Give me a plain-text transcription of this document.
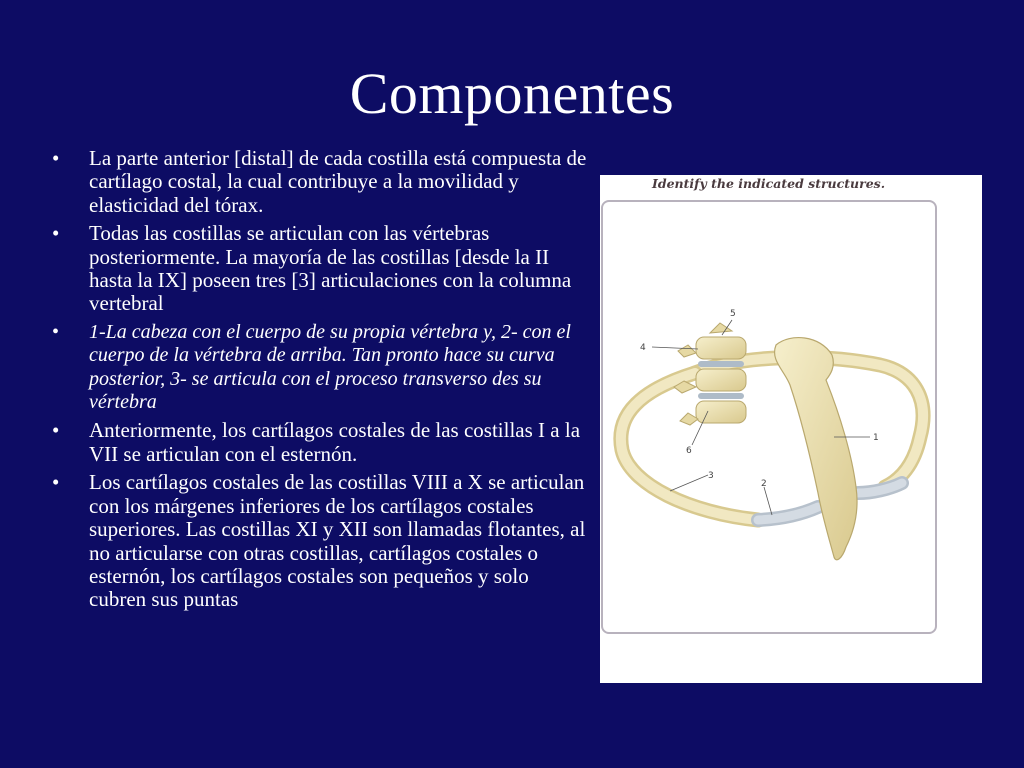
Componentes
• La parte anterior [distal] de cada costilla está compuesta de cartílago costal, la cual contribuye a la movilidad y elasticidad del tórax.
• Todas las costillas se articulan con las vértebras posteriormente. La mayoría de las costillas [desde la II hasta la IX] poseen tres [3] articulaciones con la columna vertebral
• 1-La cabeza con el cuerpo de su propia vértebra y, 2- con el cuerpo de la vértebra de arriba. Tan pronto hace su curva posterior, 3- se articula con el proceso transverso des su vértebra
• Anteriormente, los cartílagos costales de las costillas I a la VII se articulan con el esternón.
• Los cartílagos costales de las costillas VIII a X se articulan con los márgenes inferiores de los cartílagos costales superiores. Las costillas XI y XII son llamadas flotantes, al no articularse con otras costillas, cartílagos costales o esternón, los cartílagos costales son pequeños y solo cubren sus puntas
Identify the indicated structures.
5
4
6
3
2
1
